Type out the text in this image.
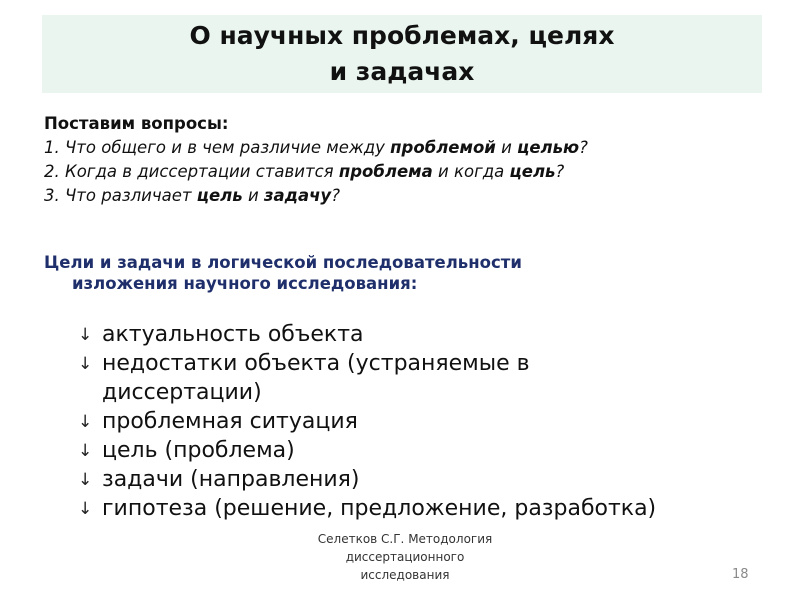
О научных проблемах, целях и задачах
Поставим вопросы:
1. Что общего и в чем различие между проблемой и целью?
2. Когда в диссертации ставится проблема и когда цель?
3. Что различает цель и задачу?
Цели и задачи в логической последовательности
изложения научного исследования:
↓ актуальность объекта
↓ недостатки объекта (устраняемые в диссертации)
↓ проблемная ситуация
↓ цель (проблема)
↓ задачи (направления)
↓ гипотеза (решение, предложение, разработка)
Селетков С.Г. Методология диссертационного исследования	18
